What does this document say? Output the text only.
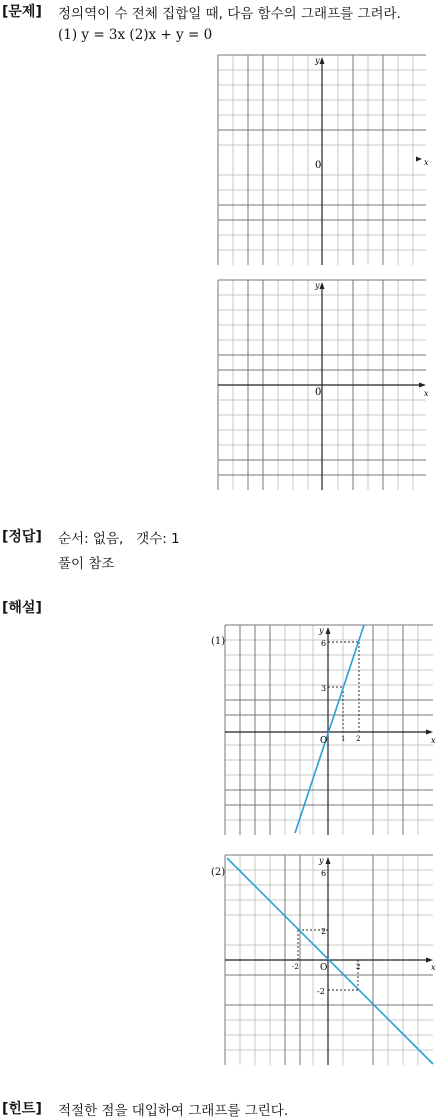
[문제] 정의역이 수 전체 집합일 때, 다음 함수의 그래프를 그려라.
(1) y = 3x (2)x + y = 0
y
0	x
y
0	x
[정답] 순서: 없음,   갯수: 1
풀이 참조
[해설]
(1)
y
6
3
O 1 2	x
(2)
y
6
2
-2
O
-2	2	x
[힌트] 적절한 점을 대입하여 그래프를 그린다.
